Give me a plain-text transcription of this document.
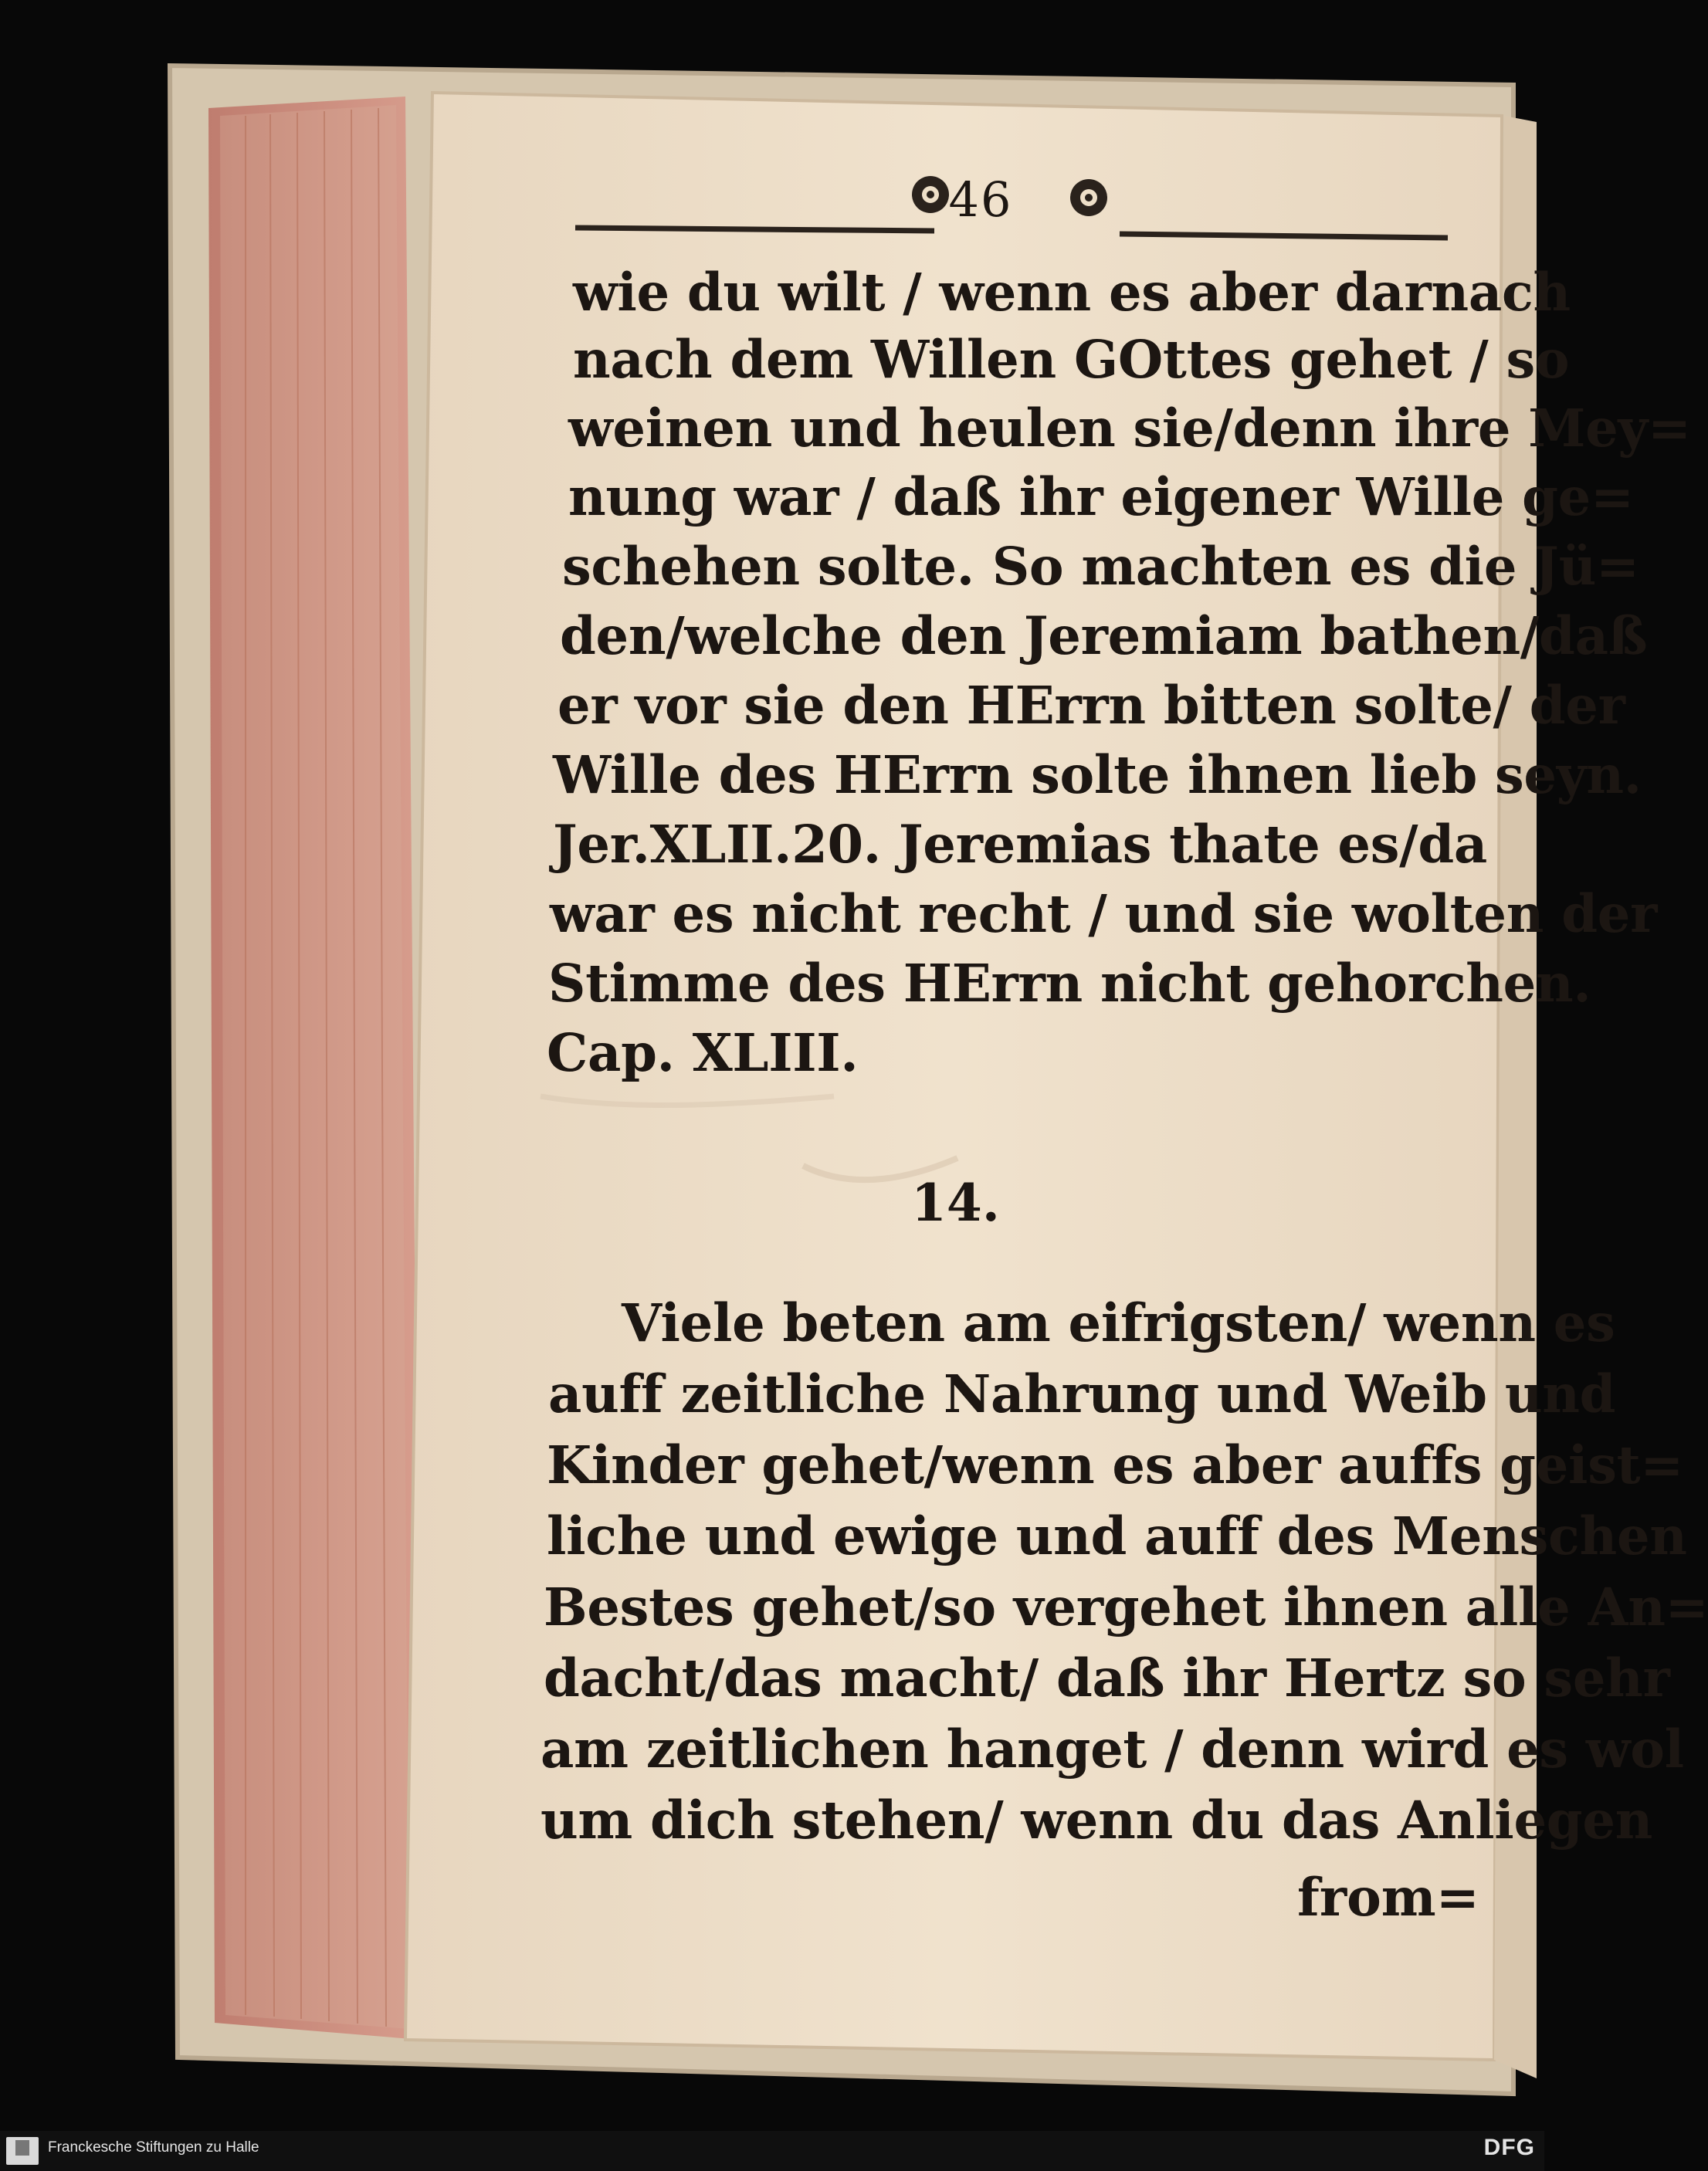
46
wie du wilt / wenn es aber darnach
nach dem Willen GOttes gehet / so
weinen und heulen sie/denn ihre Mey=
nung war / daß ihr eigener Wille ge=
schehen solte. So machten es die Jü=
den/welche den Jeremiam bathen/daß
er vor sie den HErrn bitten solte/ der
Wille des HErrn solte ihnen lieb seyn.
Jer.XLII.20. Jeremias thate es/da
war es nicht recht / und sie wolten der
Stimme des HErrn nicht gehorchen.
Cap. XLIII.
14.
Viele beten am eifrigsten/ wenn es
auff zeitliche Nahrung und Weib und
Kinder gehet/wenn es aber auffs geist=
liche und ewige und auff des Menschen
Bestes gehet/so vergehet ihnen alle An=
dacht/das macht/ daß ihr Hertz so sehr
am zeitlichen hanget / denn wird es wol
um dich stehen/ wenn du das Anliegen
from=
Franckesche Stiftungen zu Halle	DFG
